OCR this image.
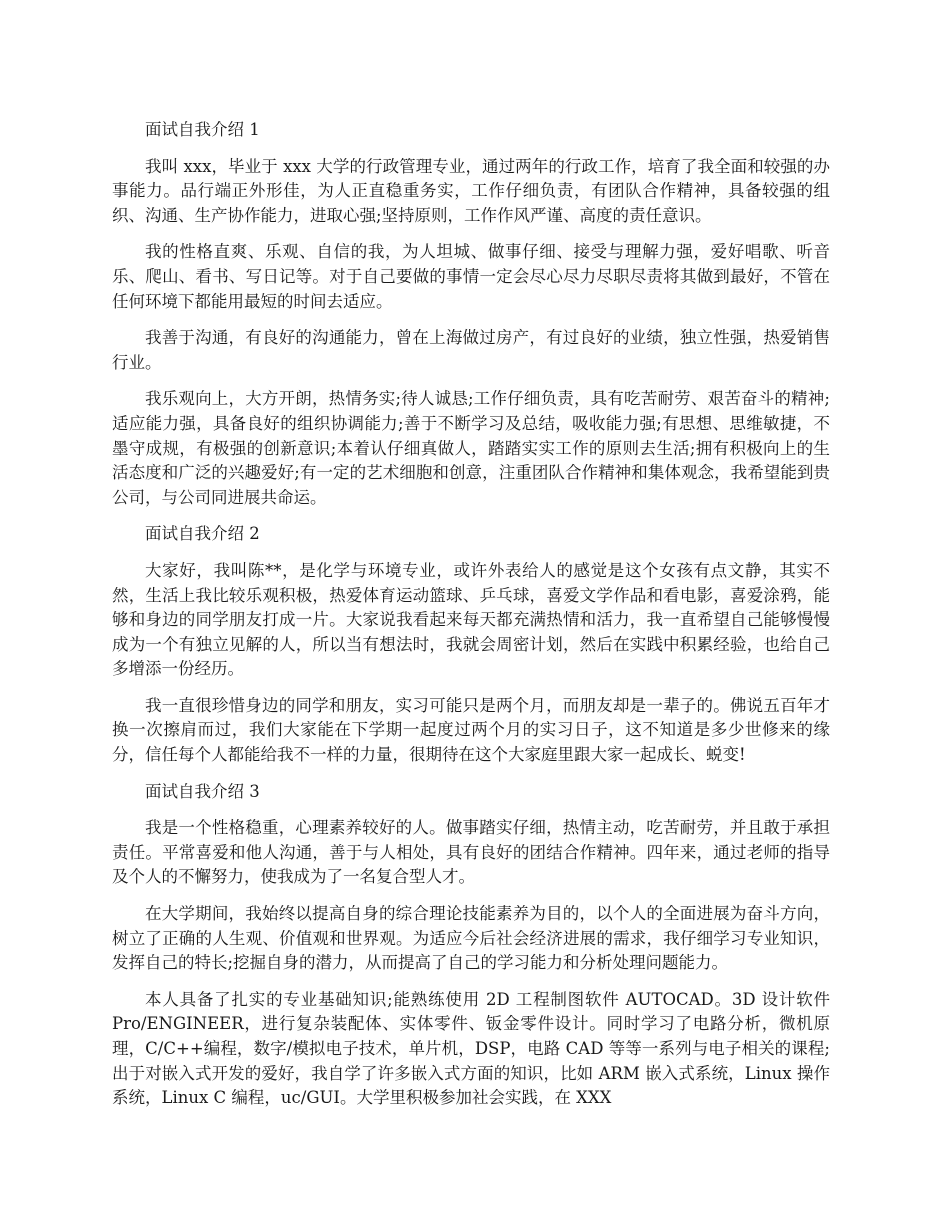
面试自我介绍 1

我叫 xxx，毕业于 xxx 大学的行政管理专业，通过两年的行政工作，培育了我全面和较强的办事能力。品行端正外形佳，为人正直稳重务实，工作仔细负责，有团队合作精神，具备较强的组织、沟通、生产协作能力，进取心强;坚持原则，工作作风严谨、高度的责任意识。

我的性格直爽、乐观、自信的我，为人坦城、做事仔细、接受与理解力强，爱好唱歌、听音乐、爬山、看书、写日记等。对于自己要做的事情一定会尽心尽力尽职尽责将其做到最好，不管在任何环境下都能用最短的时间去适应。

我善于沟通，有良好的沟通能力，曾在上海做过房产，有过良好的业绩，独立性强，热爱销售行业。

我乐观向上，大方开朗，热情务实;待人诚恳;工作仔细负责，具有吃苦耐劳、艰苦奋斗的精神;适应能力强，具备良好的组织协调能力;善于不断学习及总结，吸收能力强;有思想、思维敏捷，不墨守成规，有极强的创新意识;本着认仔细真做人，踏踏实实工作的原则去生活;拥有积极向上的生活态度和广泛的兴趣爱好;有一定的艺术细胞和创意，注重团队合作精神和集体观念，我希望能到贵公司，与公司同进展共命运。

面试自我介绍 2

大家好，我叫陈**，是化学与环境专业，或许外表给人的感觉是这个女孩有点文静，其实不然，生活上我比较乐观积极，热爱体育运动篮球、乒乓球，喜爱文学作品和看电影，喜爱涂鸦，能够和身边的同学朋友打成一片。大家说我看起来每天都充满热情和活力，我一直希望自己能够慢慢成为一个有独立见解的人，所以当有想法时，我就会周密计划，然后在实践中积累经验，也给自己多增添一份经历。

我一直很珍惜身边的同学和朋友，实习可能只是两个月，而朋友却是一辈子的。佛说五百年才换一次擦肩而过，我们大家能在下学期一起度过两个月的实习日子，这不知道是多少世修来的缘分，信任每个人都能给我不一样的力量，很期待在这个大家庭里跟大家一起成长、蜕变!

面试自我介绍 3

我是一个性格稳重，心理素养较好的人。做事踏实仔细，热情主动，吃苦耐劳，并且敢于承担责任。平常喜爱和他人沟通，善于与人相处，具有良好的团结合作精神。四年来，通过老师的指导及个人的不懈努力，使我成为了一名复合型人才。

在大学期间，我始终以提高自身的综合理论技能素养为目的，以个人的全面进展为奋斗方向，树立了正确的人生观、价值观和世界观。为适应今后社会经济进展的需求，我仔细学习专业知识，发挥自己的特长;挖掘自身的潜力，从而提高了自己的学习能力和分析处理问题能力。

本人具备了扎实的专业基础知识;能熟练使用 2D 工程制图软件 AUTOCAD。3D 设计软件 Pro/ENGINEER，进行复杂装配体、实体零件、钣金零件设计。同时学习了电路分析，微机原理，C/C++编程，数字/模拟电子技术，单片机，DSP，电路 CAD 等等一系列与电子相关的课程;出于对嵌入式开发的爱好，我自学了许多嵌入式方面的知识，比如 ARM 嵌入式系统，Linux 操作系统，Linux C 编程，uc/GUI。大学里积极参加社会实践，在 XXX
